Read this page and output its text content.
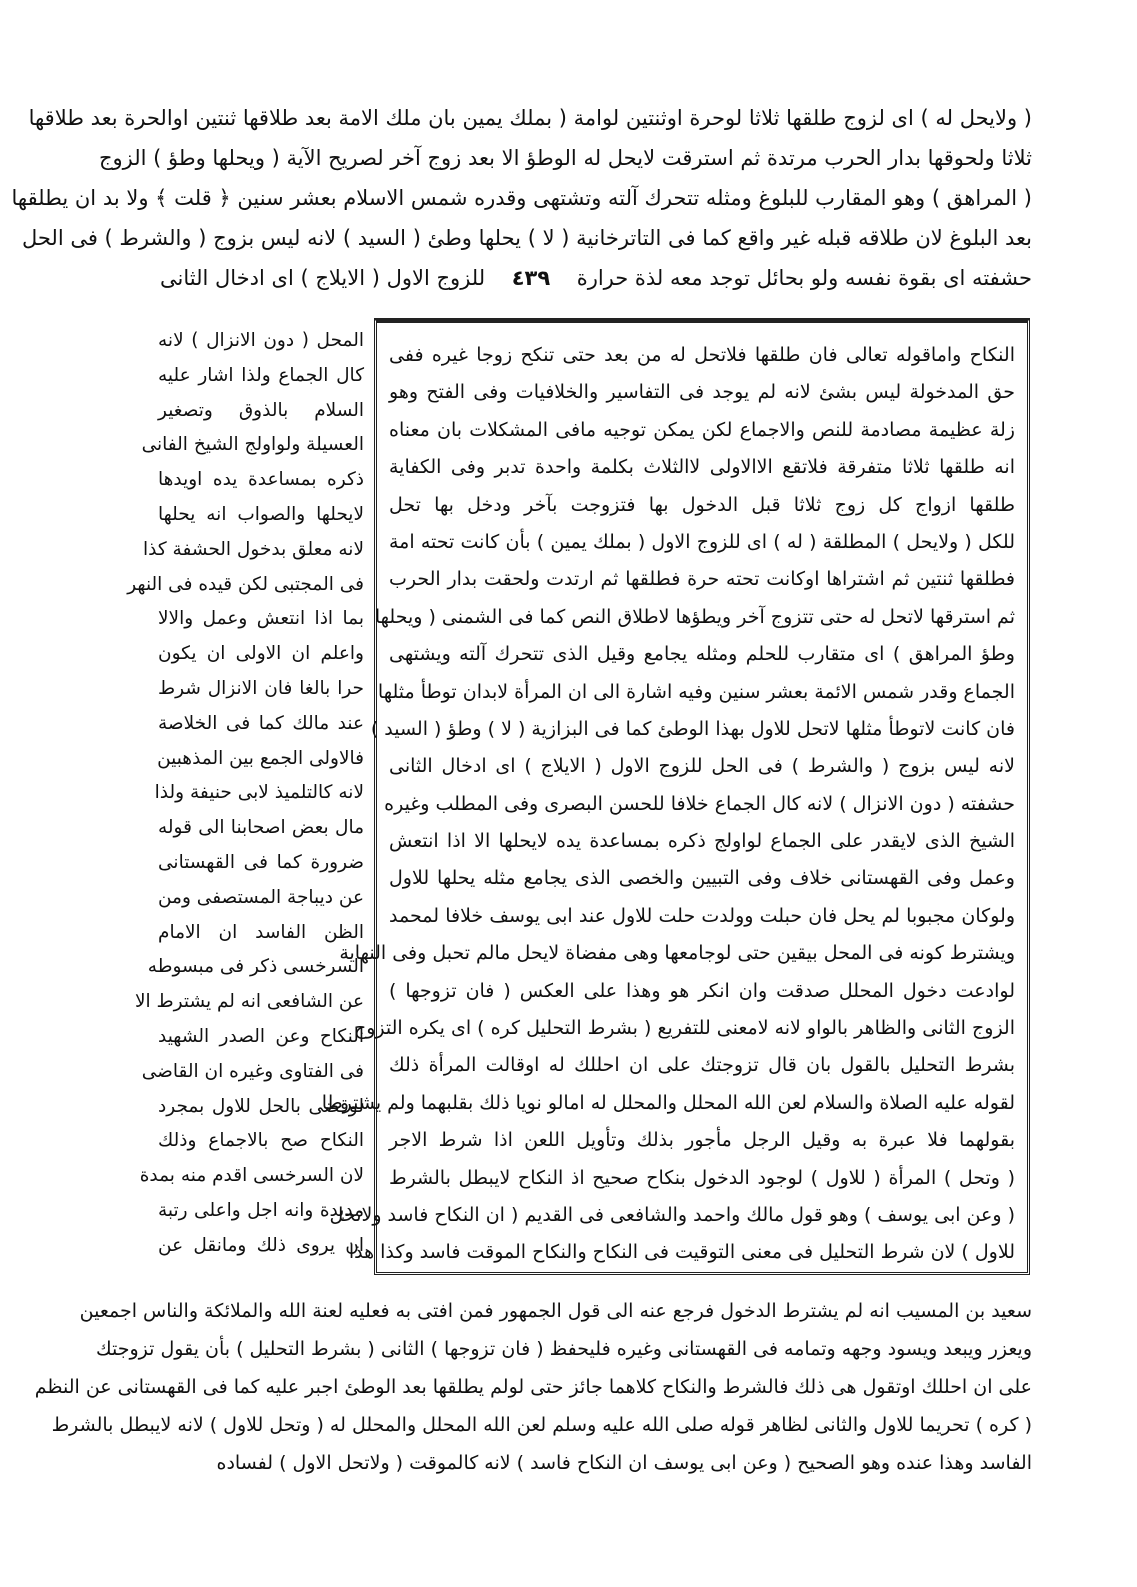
( ولايحل له ) اى لزوج طلقها ثلاثا لوحرة اوثنتين لوامة ( بملك يمين بان ملك الامة بعد طلاقها ثنتين اوالحرة بعد طلاقها
ثلاثا ولحوقها بدار الحرب مرتدة ثم استرقت لايحل له الوطؤ الا بعد زوج آخر لصريح الآية ( ويحلها وطؤ ) الزوج
( المراهق ) وهو المقارب للبلوغ ومثله تتحرك آلته وتشتهى وقدره شمس الاسلام بعشر سنين ﴿ قلت ﴾ ولا بد ان يطلقها
بعد البلوغ لان طلاقه قبله غير واقع كما فى التاترخانية ( لا ) يحلها وطئ ( السيد ) لانه ليس بزوج ( والشرط ) فى الحل
حشفته اى بقوة نفسه ولو بحائل توجد معه لذة حرارة
٤٣٩
للزوج الاول ( الايلاج ) اى ادخال الثانى
النكاح واماقوله تعالى فان طلقها فلاتحل له من بعد حتى تنكح زوجا غيره ففى
حق المدخولة ليس بشئ لانه لم يوجد فى التفاسير والخلافيات وفى الفتح وهو
زلة عظيمة مصادمة للنص والاجماع لكن يمكن توجيه مافى المشكلات بان معناه
انه طلقها ثلاثا متفرقة فلاتقع الاالاولى لاالثلاث بكلمة واحدة تدبر وفى الكفاية
طلقها ازواج كل زوج ثلاثا قبل الدخول بها فتزوجت بآخر ودخل بها تحل
للكل ( ولايحل ) المطلقة ( له ) اى للزوج الاول ( بملك يمين ) بأن كانت تحته امة
فطلقها ثنتين ثم اشتراها اوكانت تحته حرة فطلقها ثم ارتدت ولحقت بدار الحرب
ثم استرقها لاتحل له حتى تتزوج آخر ويطؤها لاطلاق النص كما فى الشمنى ( ويحلها
وطؤ المراهق ) اى متقارب للحلم ومثله يجامع وقيل الذى تتحرك آلته ويشتهى
الجماع وقدر شمس الائمة بعشر سنين وفيه اشارة الى ان المرأة لابدان توطأ مثلها
فان كانت لاتوطأ مثلها لاتحل للاول بهذا الوطئ كما فى البزازية ( لا ) وطؤ ( السيد )
لانه ليس بزوج ( والشرط ) فى الحل للزوج الاول ( الايلاج ) اى ادخال الثانى
حشفته ( دون الانزال ) لانه كال الجماع خلافا للحسن البصرى وفى المطلب وغيره
الشيخ الذى لايقدر على الجماع لواولج ذكره بمساعدة يده لايحلها الا اذا انتعش
وعمل وفى القهستانى خلاف وفى التبيين والخصى الذى يجامع مثله يحلها للاول
ولوكان مجبوبا لم يحل فان حبلت وولدت حلت للاول عند ابى يوسف خلافا لمحمد
ويشترط كونه فى المحل بيقين حتى لوجامعها وهى مفضاة لايحل مالم تحبل وفى النهاية
لوادعت دخول المحلل صدقت وان انكر هو وهذا على العكس ( فان تزوجها )
الزوج الثانى والظاهر بالواو لانه لامعنى للتفريع ( بشرط التحليل كره ) اى يكره التزوج
بشرط التحليل بالقول بان قال تزوجتك على ان احللك له اوقالت المرأة ذلك
لقوله عليه الصلاة والسلام لعن الله المحلل والمحلل له امالو نويا ذلك بقلبهما ولم يشترطا
بقولهما فلا عبرة به وقيل الرجل مأجور بذلك وتأويل اللعن اذا شرط الاجر
( وتحل ) المرأة ( للاول ) لوجود الدخول بنكاح صحيح اذ النكاح لايبطل بالشرط
( وعن ابى يوسف ) وهو قول مالك واحمد والشافعى فى القديم ( ان النكاح فاسد ولاتحل
للاول ) لان شرط التحليل فى معنى التوقيت فى النكاح والنكاح الموقت فاسد وكذا هذا
المحل ( دون الانزال ) لانه
كال الجماع ولذا اشار عليه
السلام بالذوق وتصغير
العسيلة ولواولج الشيخ الفانى
ذكره بمساعدة يده اويدها
لايحلها والصواب انه يحلها
لانه معلق بدخول الحشفة كذا
فى المجتبى لكن قيده فى النهر
بما اذا انتعش وعمل والالا
واعلم ان الاولى ان يكون
حرا بالغا فان الانزال شرط
عند مالك كما فى الخلاصة
فالاولى الجمع بين المذهبين
لانه كالتلميذ لابى حنيفة ولذا
مال بعض اصحابنا الى قوله
ضرورة كما فى القهستانى
عن ديباجة المستصفى ومن
الظن الفاسد ان الامام
السرخسى ذكر فى مبسوطه
عن الشافعى انه لم يشترط الا
النكاح وعن الصدر الشهيد
فى الفتاوى وغيره ان القاضى
لوقضى بالحل للاول بمجرد
النكاح صح بالاجماع وذلك
لان السرخسى اقدم منه بمدة
مديدة وانه اجل واعلى رتبة
ان يروى ذلك ومانقل عن
سعيد بن المسيب انه لم يشترط الدخول فرجع عنه الى قول الجمهور فمن افتى به فعليه لعنة الله والملائكة والناس اجمعين
ويعزر ويبعد ويسود وجهه وتمامه فى القهستانى وغيره فليحفظ ( فان تزوجها ) الثانى ( بشرط التحليل ) بأن يقول تزوجتك
على ان احللك اوتقول هى ذلك فالشرط والنكاح كلاهما جائز حتى لولم يطلقها بعد الوطئ اجبر عليه كما فى القهستانى عن النظم
( كره ) تحريما للاول والثانى لظاهر قوله صلى الله عليه وسلم لعن الله المحلل والمحلل له ( وتحل للاول ) لانه لايبطل بالشرط
الفاسد وهذا عنده وهو الصحيح ( وعن ابى يوسف ان النكاح فاسد ) لانه كالموقت ( ولاتحل الاول ) لفساده
